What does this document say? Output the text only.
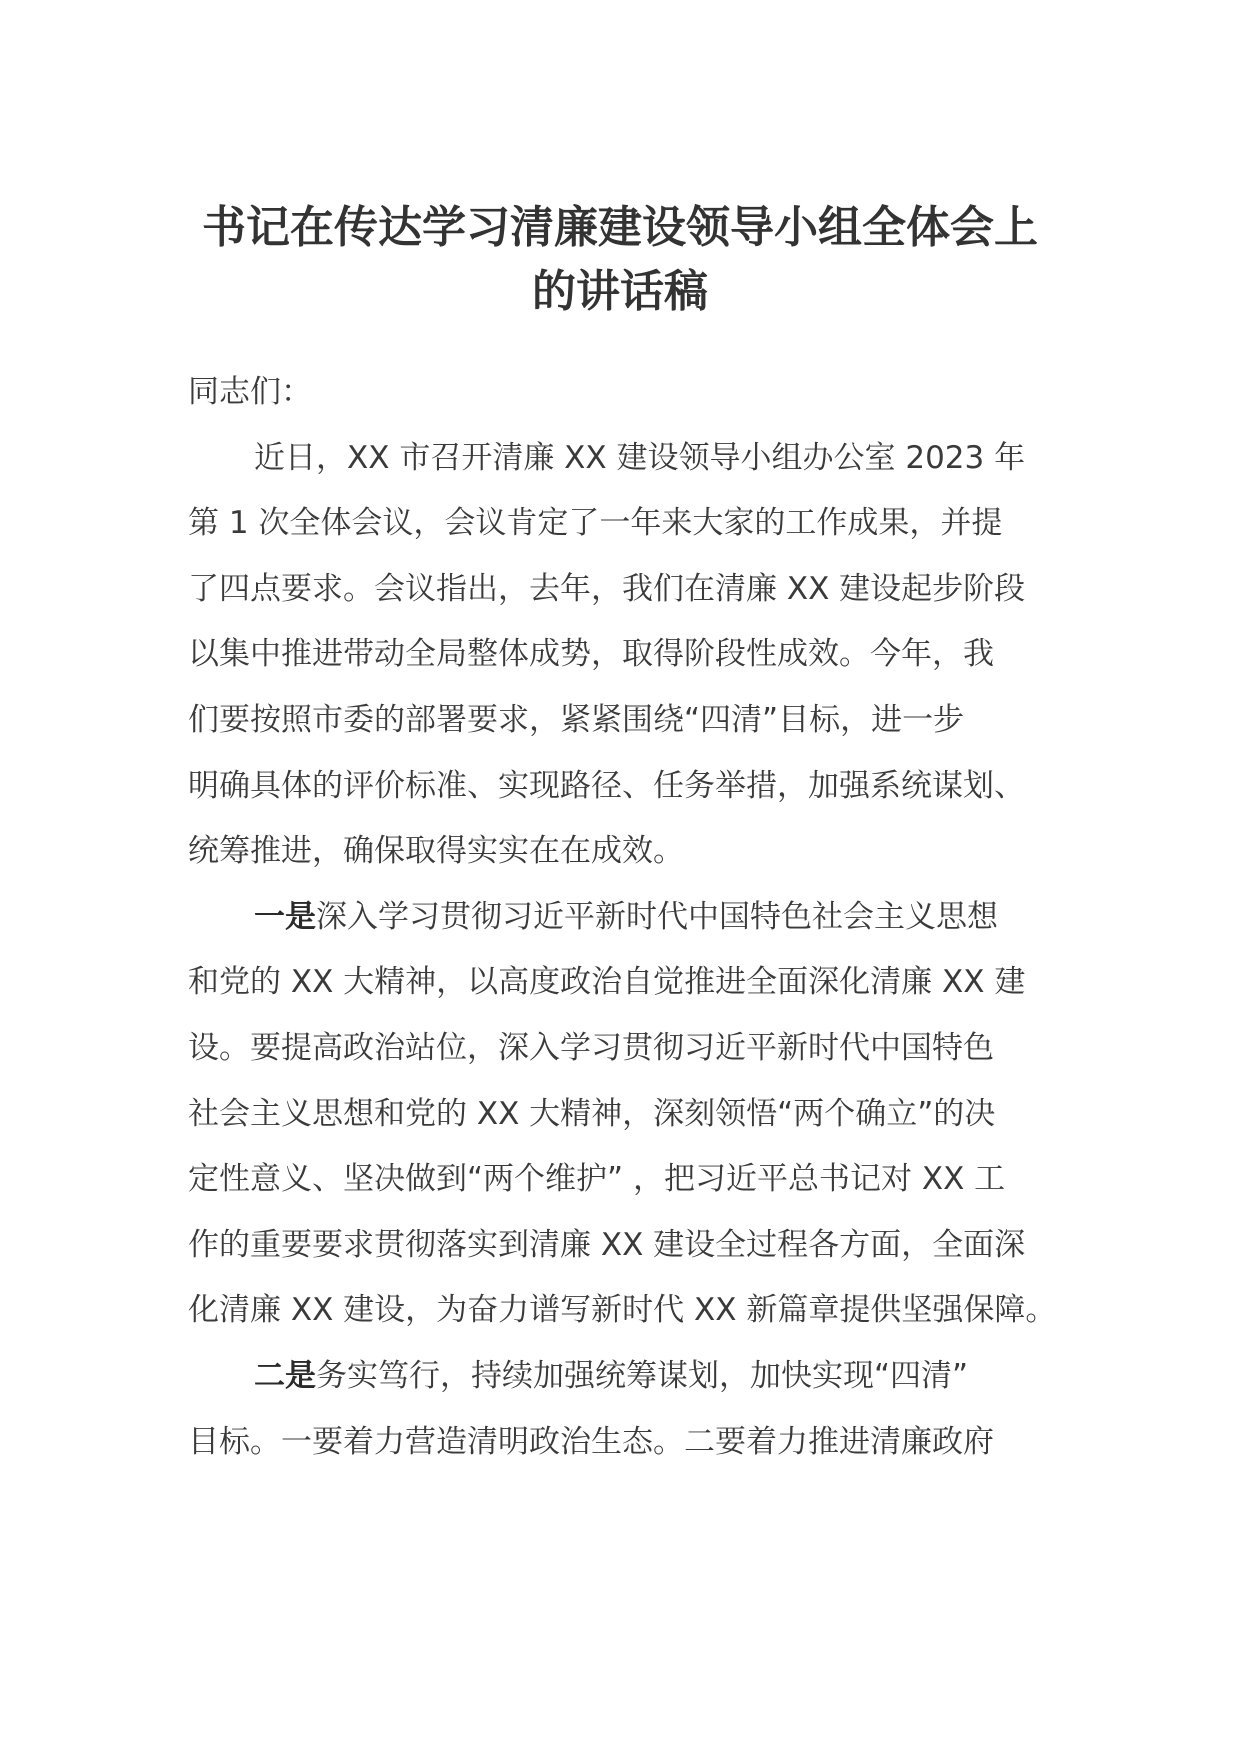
书记在传达学习清廉建设领导小组全体会上
的讲话稿

同志们：

近日，XX 市召开清廉 XX 建设领导小组办公室 2023 年

第 1 次全体会议，会议肯定了一年来大家的工作成果，并提

了四点要求。会议指出，去年，我们在清廉 XX 建设起步阶段

以集中推进带动全局整体成势，取得阶段性成效。今年，我

们要按照市委的部署要求，紧紧围绕“四清”目标，进一步

明确具体的评价标准、实现路径、任务举措，加强系统谋划、

统筹推进，确保取得实实在在成效。

一是深入学习贯彻习近平新时代中国特色社会主义思想

和党的 XX 大精神，以高度政治自觉推进全面深化清廉 XX 建

设。要提高政治站位，深入学习贯彻习近平新时代中国特色

社会主义思想和党的 XX 大精神，深刻领悟“两个确立”的决

定性意义、坚决做到“两个维护” ，把习近平总书记对 XX 工

作的重要要求贯彻落实到清廉 XX 建设全过程各方面，全面深

化清廉 XX 建设，为奋力谱写新时代 XX 新篇章提供坚强保障。

二是务实笃行，持续加强统筹谋划，加快实现“四清”

目标。一要着力营造清明政治生态。二要着力推进清廉政府
